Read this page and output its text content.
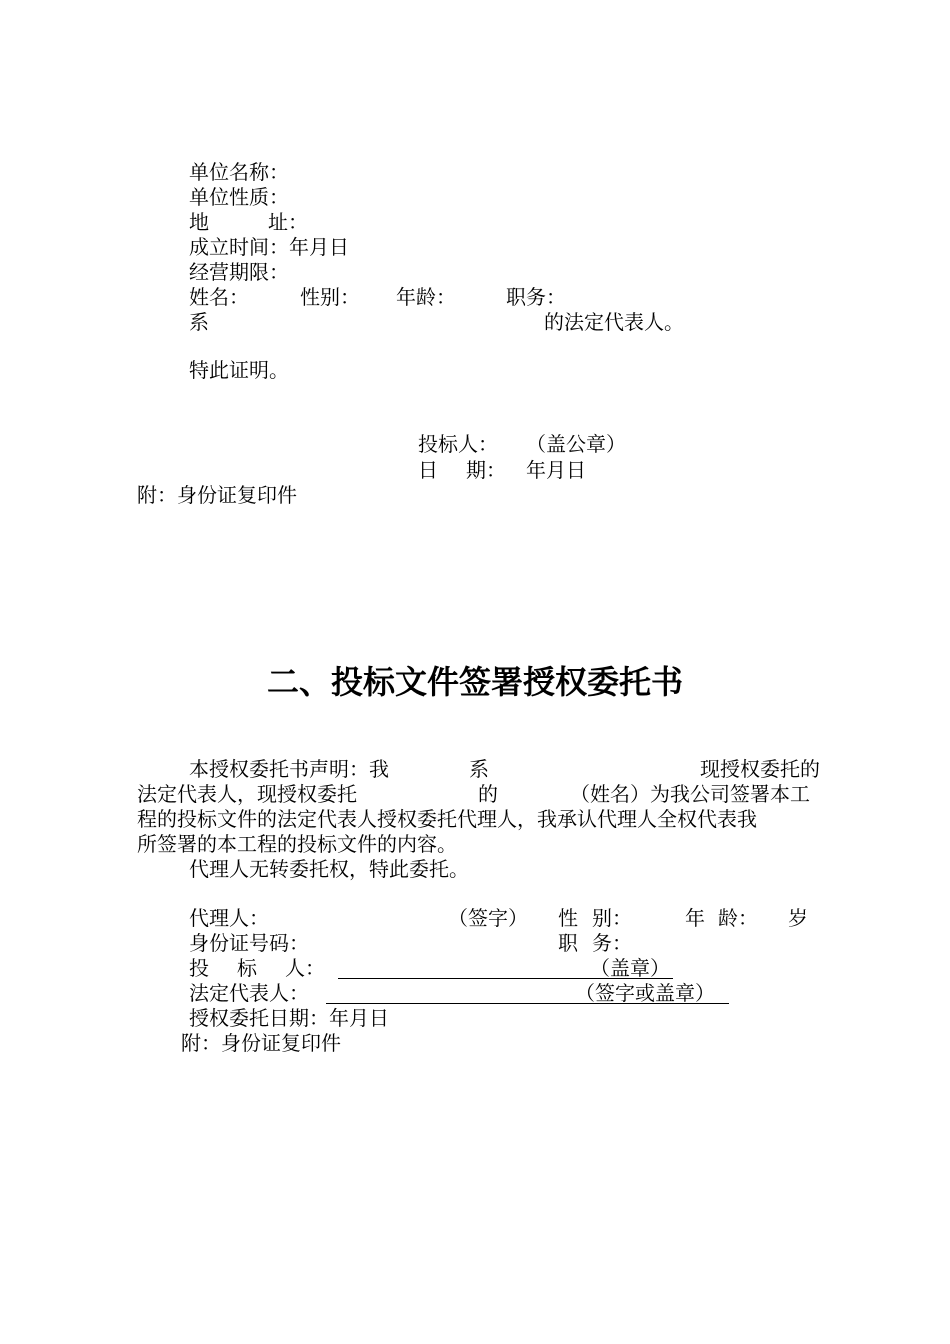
单位名称：
单位性质：
地	址：
成立时间：年月日
经营期限：
姓名：	性别： 年龄：	职务：
系	的法定代表人。
特此证明。
投标人： （盖公章）
日 期： 年月日
附：身份证复印件
二、投标文件签署授权委托书
本授权委托书声明：我	系	现授权委托的
法定代表人，现授权委托	的	（姓名）为我公司签署本工
程的投标文件的法定代表人授权委托代理人，我承认代理人全权代表我
所签署的本工程的投标文件的内容。
代理人无转委托权，特此委托。
代理人：	（签字） 性 别：	年 龄： 岁
身份证号码：	职 务：
投 标 人：	（盖章）
法定代表人：	（签字或盖章）
授权委托日期：年月日
附：身份证复印件
